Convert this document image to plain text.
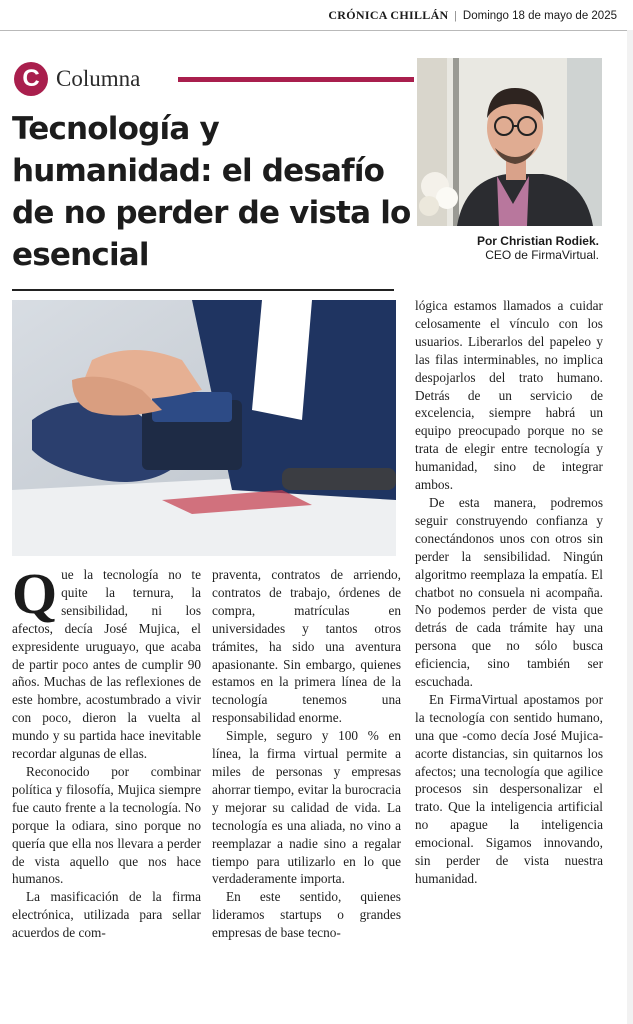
CRÓNICA CHILLÁN | Domingo 18 de mayo de 2025
C Columna
Tecnología y humanidad: el desafío de no perder de vista lo esencial	Por Christian Rodiek.
CEO de FirmaVirtual.

Q ue la tecnología no te quite la ternura, la sensibilidad, ni los afectos, decía José Mujica, el expresidente uruguayo, que acaba de partir poco antes de cumplir 90 años. Muchas de las reflexiones de este hombre, acostumbrado a vivir con poco, dieron la vuelta al mundo y su partida hace inevitable recordar algunas de ellas.

Reconocido por combinar política y filosofía, Mujica siempre fue cauto frente a la tecnología. No porque la odiara, sino porque no quería que ella nos llevara a perder de vista aquello que nos hace humanos.

La masificación de la firma electrónica, utilizada para sellar acuerdos de com-

praventa, contratos de arriendo, contratos de trabajo, órdenes de compra, matrículas en universidades y tantos otros trámites, ha sido una aventura apasionante. Sin embargo, quienes estamos en la primera línea de la tecnología tenemos una responsabilidad enorme.

Simple, seguro y 100 % en línea, la firma virtual permite a miles de personas y empresas ahorrar tiempo, evitar la burocracia y mejorar su calidad de vida. La tecnología es una aliada, no vino a reemplazar a nadie sino a regalar tiempo para utilizarlo en lo que verdaderamente importa.

En este sentido, quienes lideramos startups o grandes empresas de base tecno-

lógica estamos llamados a cuidar celosamente el vínculo con los usuarios. Liberarlos del papeleo y las filas interminables, no implica despojarlos del trato humano. Detrás de un servicio de excelencia, siempre habrá un equipo preocupado porque no se trata de elegir entre tecnología y humanidad, sino de integrar ambos.

De esta manera, podremos seguir construyendo confianza y conectándonos unos con otros sin perder la sensibilidad. Ningún algoritmo reemplaza la empatía. El chatbot no consuela ni acompaña. No podemos perder de vista que detrás de cada trámite hay una persona que no sólo busca eficiencia, sino también ser escuchada.

En FirmaVirtual apostamos por la tecnología con sentido humano, una que -como decía José Mujica- acorte distancias, sin quitarnos los afectos; una tecnología que agilice procesos sin despersonalizar el trato. Que la inteligencia artificial no apague la inteligencia emocional. Sigamos innovando, sin perder de vista nuestra humanidad.
